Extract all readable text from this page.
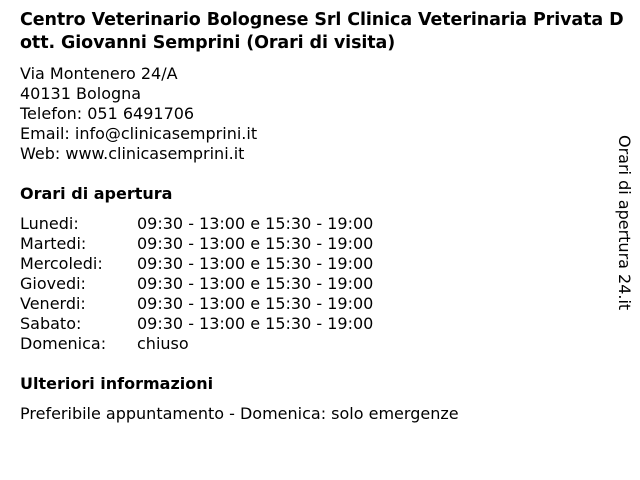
Centro Veterinario Bolognese Srl Clinica Veterinaria Privata Dott. Giovanni Semprini (Orari di visita)
Via Montenero 24/A
40131 Bologna
Telefon: 051 6491706
Email: info@clinicasemprini.it
Web: www.clinicasemprini.it
Orari di apertura
Lunedi:	09:30 - 13:00 e 15:30 - 19:00
Martedi:	09:30 - 13:00 e 15:30 - 19:00
Mercoledi:	09:30 - 13:00 e 15:30 - 19:00
Giovedi:	09:30 - 13:00 e 15:30 - 19:00
Venerdi:	09:30 - 13:00 e 15:30 - 19:00
Sabato:	09:30 - 13:00 e 15:30 - 19:00
Domenica:	chiuso
Ulteriori informazioni
Preferibile appuntamento - Domenica: solo emergenze
Orari di apertura 24.it
